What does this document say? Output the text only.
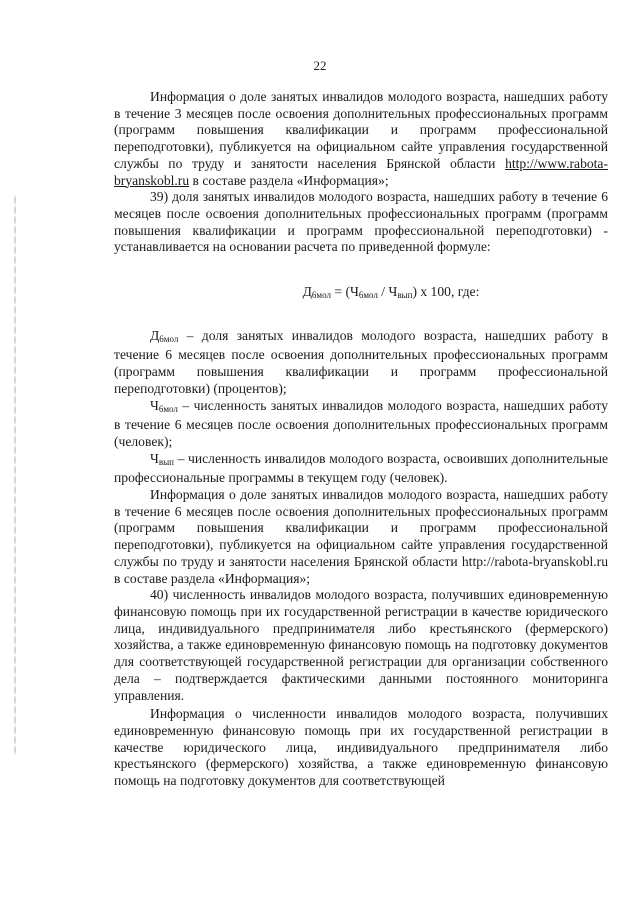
22

Информация о доле занятых инвалидов молодого возраста, нашедших работу в течение 3 месяцев после освоения дополнительных профессиональных программ (программ повышения квалификации и программ профессиональной переподготовки), публикуется на официальном сайте управления государственной службы по труду и занятости населения Брянской области http://www.rabota-bryanskobl.ru в составе раздела «Информация»;

39) доля занятых инвалидов молодого возраста, нашедших работу в течение 6 месяцев после освоения дополнительных профессиональных программ (программ повышения квалификации и программ профессиональной переподготовки) - устанавливается на основании расчета по приведенной формуле:

$Д_{6мол} = (Ч_{6мол} / Ч_{вып})$ х 100, где:

$Д_{6мол}$ – доля занятых инвалидов молодого возраста, нашедших работу в течение 6 месяцев после освоения дополнительных профессиональных программ (программ повышения квалификации и программ профессиональной переподготовки) (процентов);

$Ч_{6мол}$ – численность занятых инвалидов молодого возраста, нашедших работу в течение 6 месяцев после освоения дополнительных профессиональных программ (человек);

$Ч_{вып}$ – численность инвалидов молодого возраста, освоивших дополнительные профессиональные программы в текущем году (человек).

Информация о доле занятых инвалидов молодого возраста, нашедших работу в течение 6 месяцев после освоения дополнительных профессиональных программ (программ повышения квалификации и программ профессиональной переподготовки), публикуется на официальном сайте управления государственной службы по труду и занятости населения Брянской области http://rabota-bryanskobl.ru в составе раздела «Информация»;

40) численность инвалидов молодого возраста, получивших единовременную финансовую помощь при их государственной регистрации в качестве юридического лица, индивидуального предпринимателя либо крестьянского (фермерского) хозяйства, а также единовременную финансовую помощь на подготовку документов для соответствующей государственной регистрации для организации собственного дела – подтверждается фактическими данными постоянного мониторинга управления.

Информация о численности инвалидов молодого возраста, получивших единовременную финансовую помощь при их государственной регистрации в качестве юридического лица, индивидуального предпринимателя либо крестьянского (фермерского) хозяйства, а также единовременную финансовую помощь на подготовку документов для соответствующей
